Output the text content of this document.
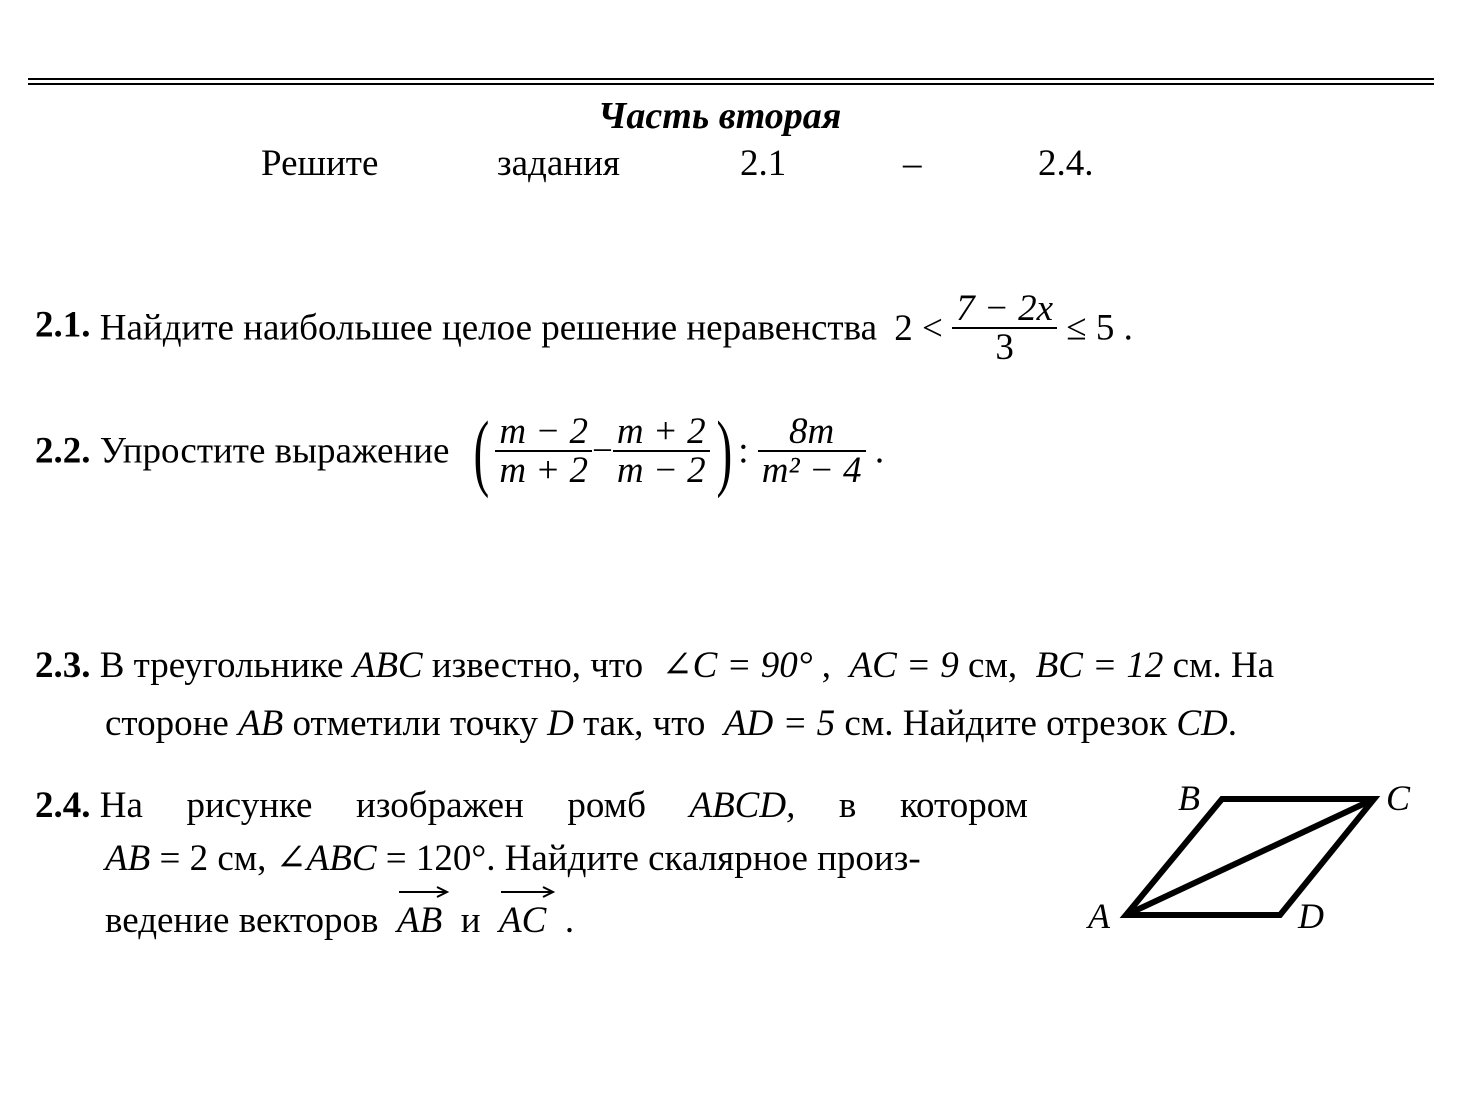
Часть вторая
Решите	задания	2.1	–	2.4.
2.1. Найдите наибольшее целое решение неравенства $2 < \frac{7 - 2x}{3} \le 5$ .
2.2. Упростите выражение ( $\frac{m - 2}{m + 2} - \frac{m + 2}{m - 2}$ ) : $\frac{8m}{\text{m² − 4}}$ .
2.3. В треугольнике ABC известно, что ∠C = 90° , AC = 9 см, BC = 12 см. На
стороне AB отметили точку D так, что AD = 5 см. Найдите отрезок CD.
2.4. На рисунке изображен ромб ABCD, в котором
AB = 2 см, ∠ABC = 120°. Найдите скалярное произ-
ведение векторов AB и AC .	A
B	C
D
